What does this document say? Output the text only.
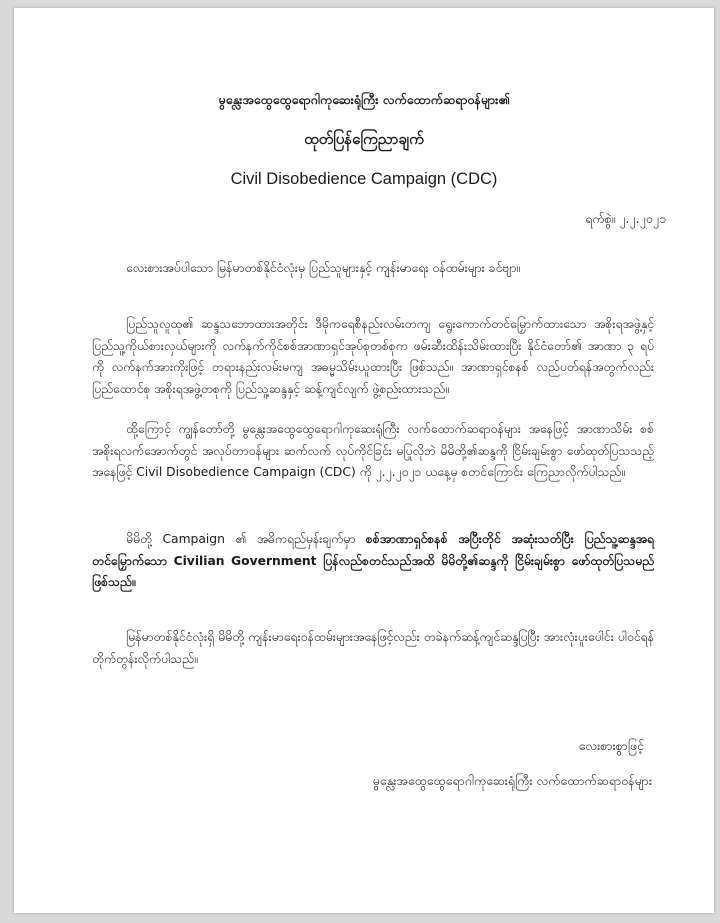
မွန္လေးအထွေထွေရောဂါကုဆေးရုံကြီး လက်ထောက်ဆရာဝန်များ၏
ထုတ်ပြန်ကြေညာချက်
Civil Disobedience Campaign (CDC)
ရက်စွဲ။ ၂.၂.၂၀၂၁
လေးစားအပ်ပါသော မြန်မာတစ်နိုင်ငံလုံးမှ ပြည်သူများနှင့် ကျန်းမာရေး ဝန်ထမ်းများ ခင်ဗျာ။
ပြည်သူလူထု၏ ဆန္ဒသဘောထားအတိုင်း ဒီမိုကရေစီနည်းလမ်းတကျ ရွေးကောက်တင်မြှောက်ထားသော အစိုးရအဖွဲ့နှင့် ပြည်သူ့ကိုယ်စားလှယ်များကို လက်နက်ကိုင်စစ်အာဏာရှင်အုပ်စုတစ်စုက ဖမ်းဆီးထိန်းသိမ်းထားပြီး နိုင်ငံတော်၏ အာဏာ ၃ ရပ်ကို လက်နက်အားကိုးဖြင့် တရားနည်းလမ်းမကျ အဓမ္မသိမ်းယူထားပြီး ဖြစ်သည်။ အာဏာရှင်စနစ် လည်ပတ်ရန်အတွက်လည်း ပြည်ထောင်စု အစိုးရအဖွဲ့တစုကို ပြည်သူ့ဆန္ဒနှင့် ဆန့်ကျင်လျက် ဖွဲ့စည်းထားသည်။
ထို့ကြောင့် ကျွန်တော်တို့ မွန္လေးအထွေထွေရောဂါကုဆေးရုံကြီး လက်ထောက်ဆရာဝန်များ အနေဖြင့် အာဏာသိမ်း စစ်အစိုးရလက်အောက်တွင် အလုပ်တာဝန်များ ဆက်လက် လုပ်ကိုင်ခြင်း မပြုလိုဘဲ မိမိတို့၏ဆန္ဒကို ငြိမ်းချမ်းစွာ ဖော်ထုတ်ပြသသည့်အနေဖြင့် Civil Disobedience Campaign (CDC) ကို ၂.၂.၂၀၂၁ ယနေ့မှ စတင်ကြောင်း ကြေညာလိုက်ပါသည်။
မိမိတို့ Campaign ၏ အဓိကရည်မှန်းချက်မှာ စစ်အာဏာရှင်စနစ် အပြီးတိုင် အဆုံးသတ်ပြီး ပြည်သူ့ဆန္ဒအရ တင်မြှောက်သော Civilian Government ပြန်လည်စတင်သည်အထိ မိမိတို့၏ဆန္ဒကို ငြိမ်းချမ်းစွာ ဖော်ထုတ်ပြသမည် ဖြစ်သည်။
မြန်မာတစ်နိုင်ငံလုံးရှိ မိမိတို့ ကျန်းမာရေးဝန်ထမ်းများအနေဖြင့်လည်း တခဲနက်ဆန့်ကျင်ဆန္ဒပြပြီး အားလုံးပူးပေါင်း ပါဝင်ရန် တိုက်တွန်းလိုက်ပါသည်။
လေးစားစွာဖြင့်
မွန္လေးအထွေထွေရောဂါကုဆေးရုံကြီး လက်ထောက်ဆရာဝန်များ
